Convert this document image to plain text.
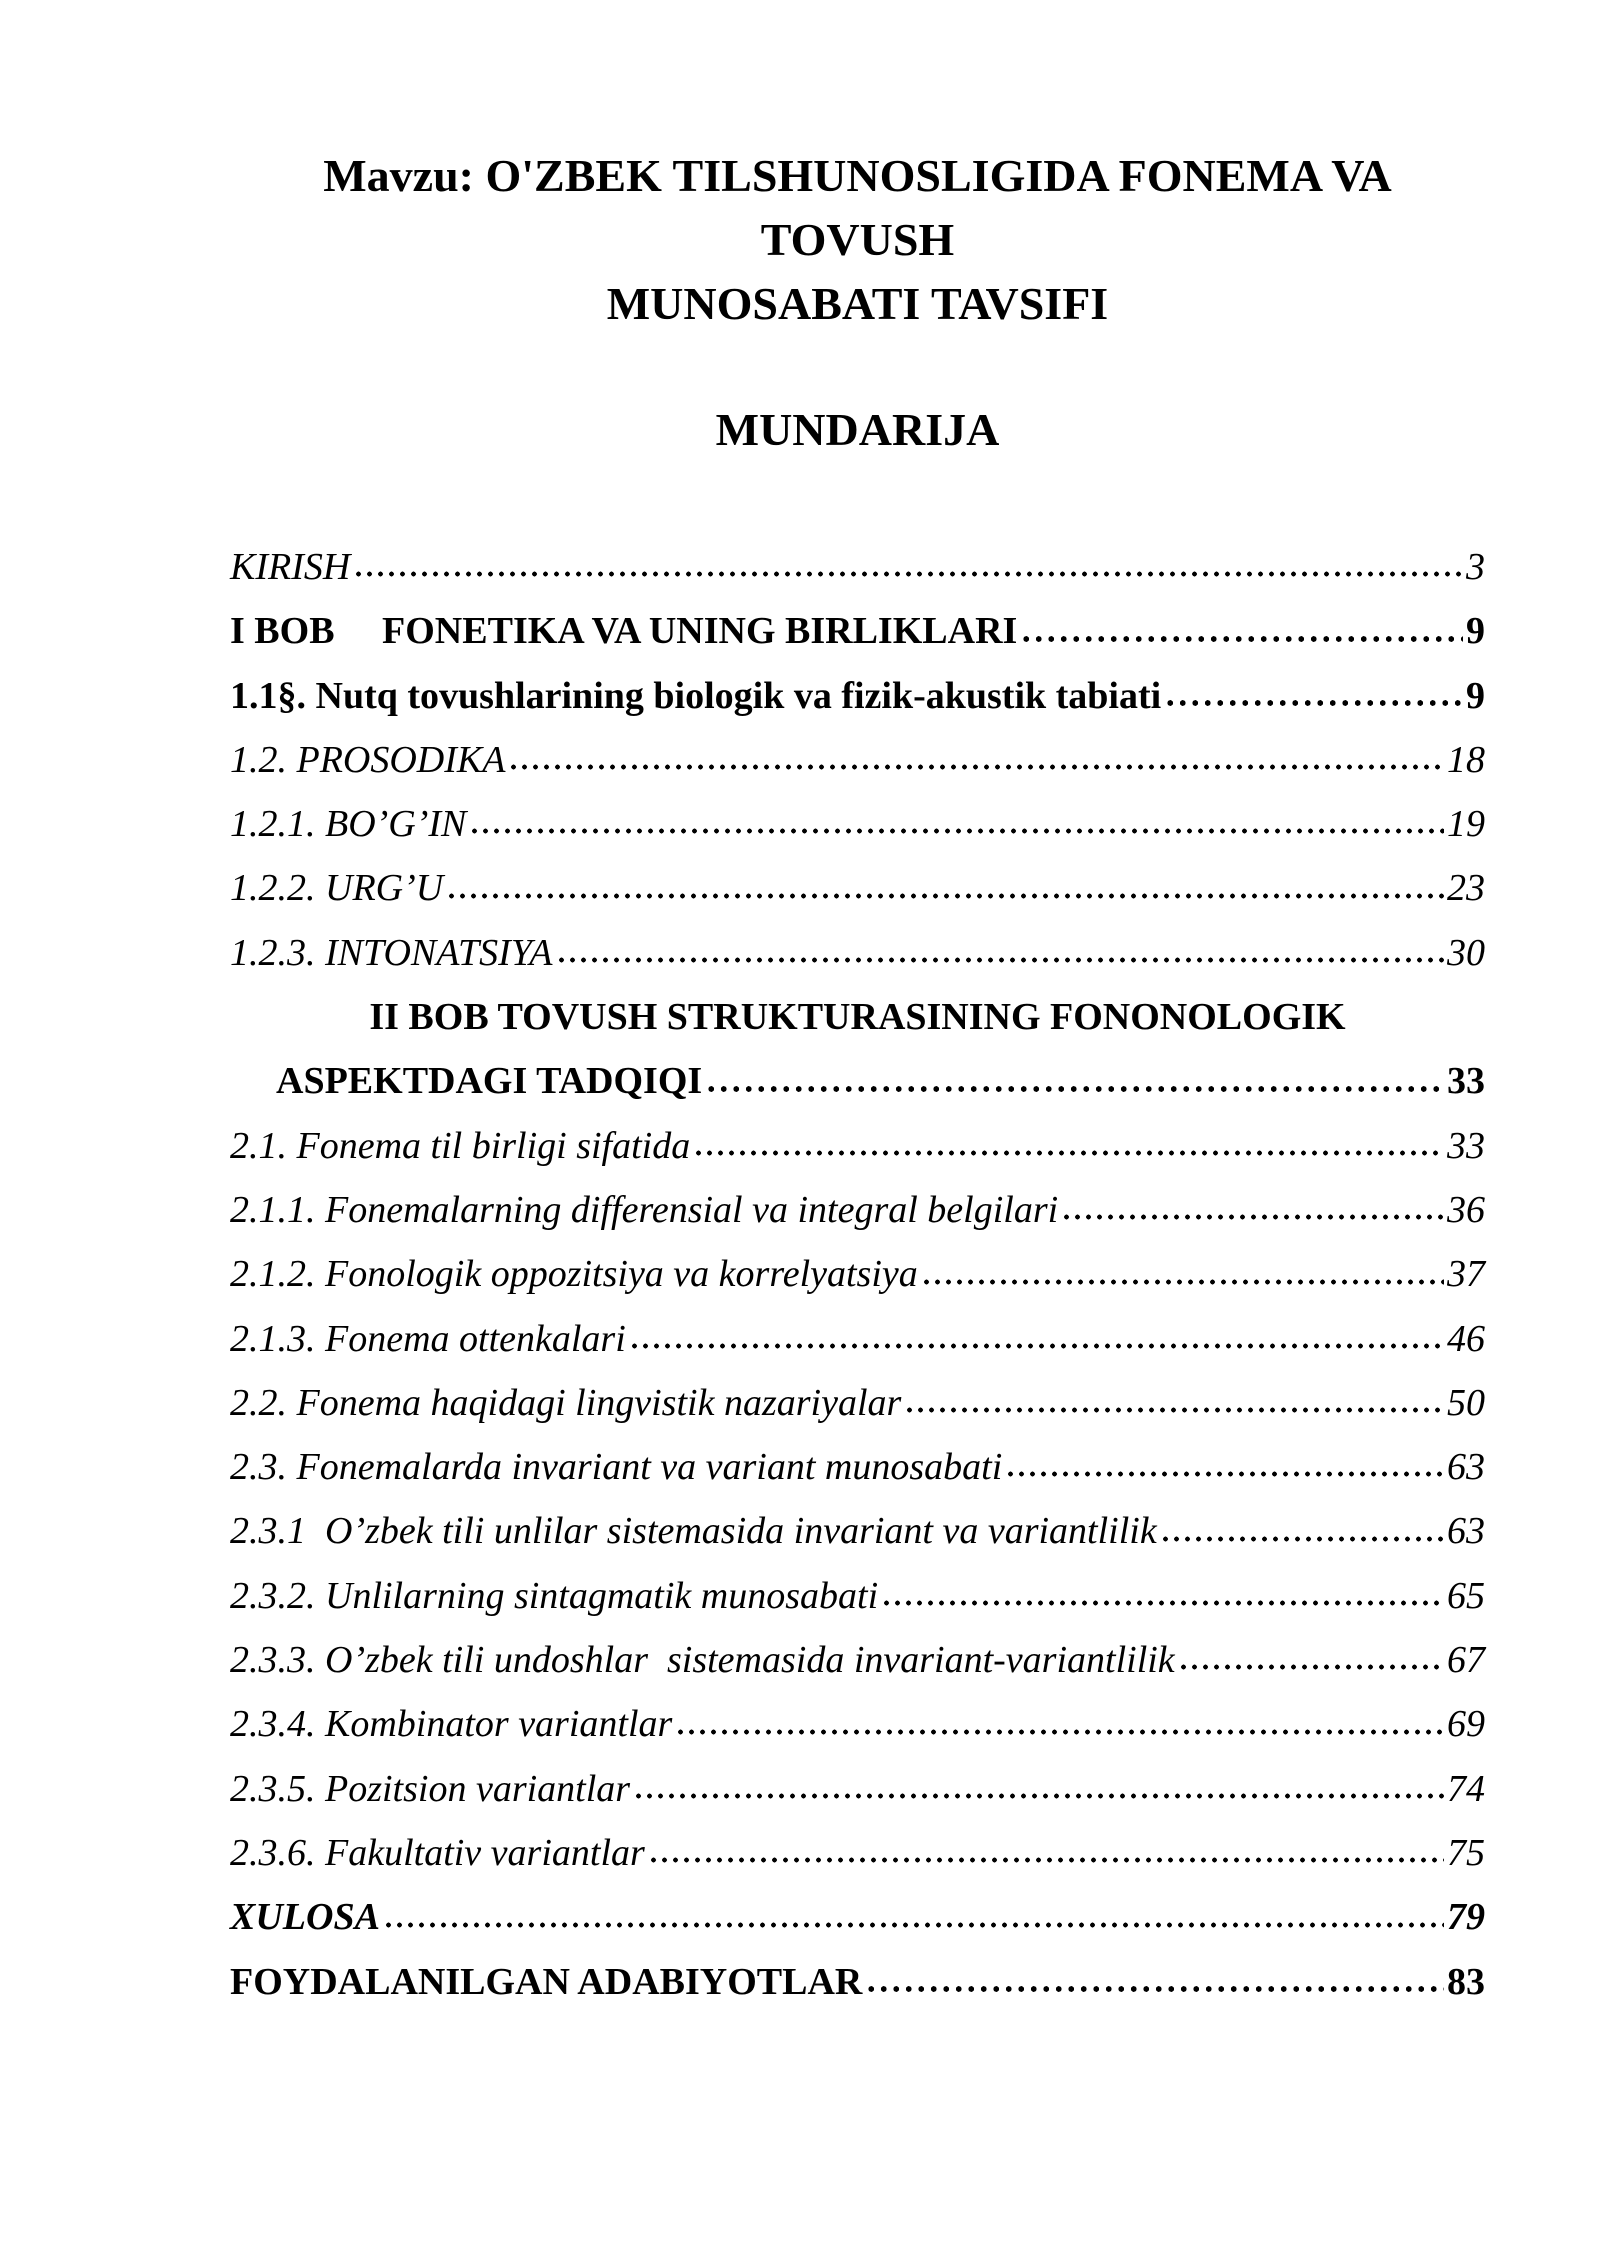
Mavzu: O'ZBEK TILSHUNOSLIGIDA FONEMA VA TOVUSH
MUNOSABATI TAVSIFI
MUNDARIJA
KIRISH	3
I BOB     FONETIKA VA UNING BIRLIKLARI	9
1.1§. Nutq tovushlarining biologik va fizik-akustik tabiati	9
1.2. PROSODIKA	18
1.2.1. BO’G’IN	19
1.2.2. URG’U	23
1.2.3. INTONATSIYA	30
II BOB TOVUSH STRUKTURASINING FONONOLOGIK
ASPEKTDAGI TADQIQI	33
2.1. Fonema til birligi sifatida	33
2.1.1. Fonemalarning differensial va integral belgilari	36
2.1.2. Fonologik oppozitsiya va korrelyatsiya	37
2.1.3. Fonema ottenkalari	46
2.2. Fonema haqidagi lingvistik nazariyalar	50
2.3. Fonemalarda invariant va variant munosabati	63
2.3.1  O’zbek tili unlilar sistemasida invariant va variantlilik	63
2.3.2. Unlilarning sintagmatik munosabati	65
2.3.3. O’zbek tili undoshlar  sistemasida invariant-variantlilik	67
2.3.4. Kombinator variantlar	69
2.3.5. Pozitsion variantlar	74
2.3.6. Fakultativ variantlar	75
XULOSA	79
FOYDALANILGAN ADABIYOTLAR	83
